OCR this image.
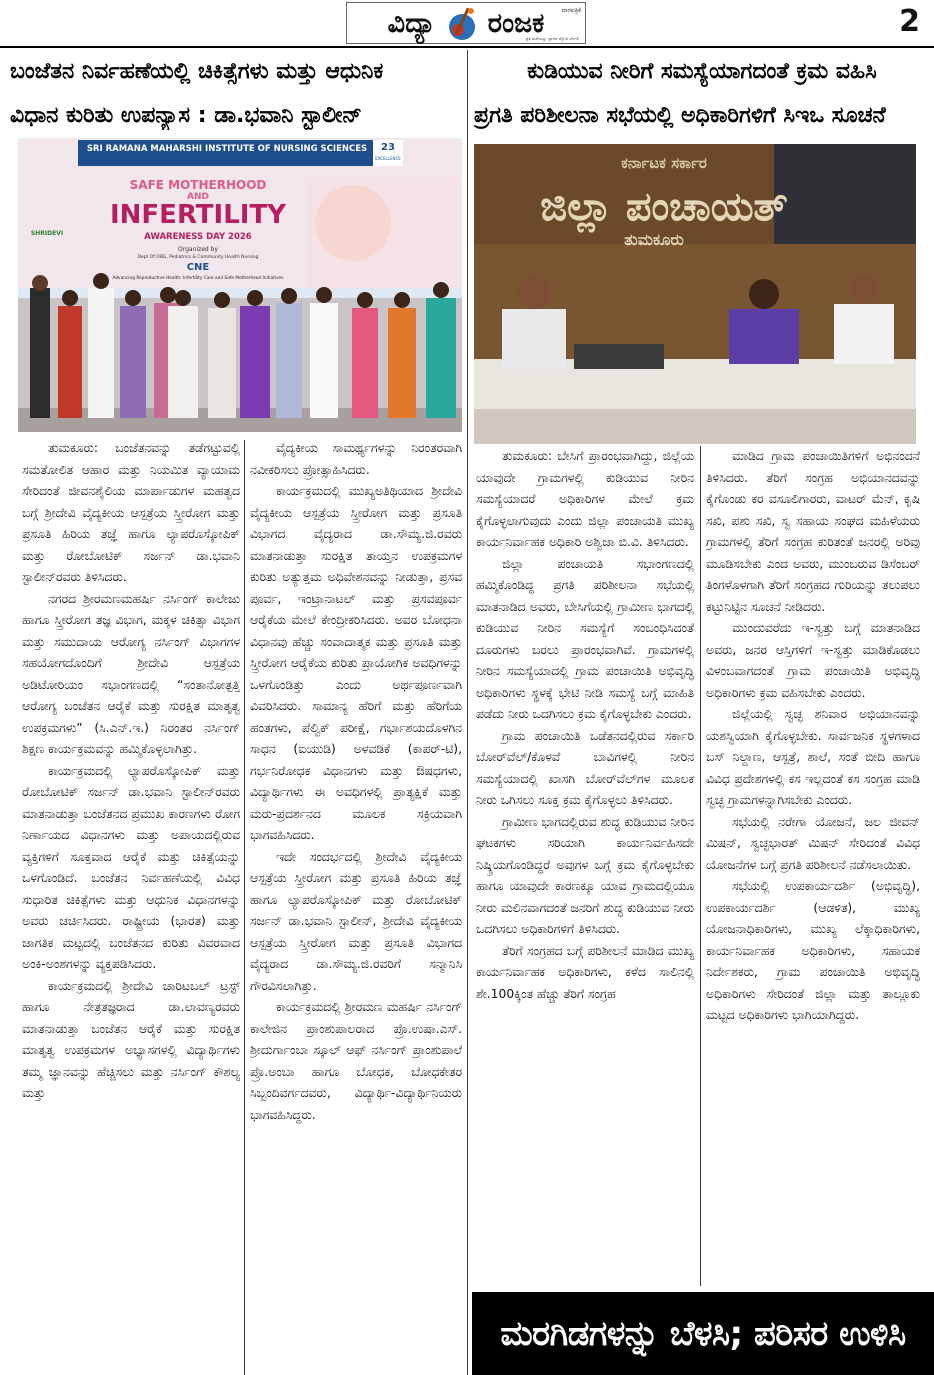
ವಿದ್ಯಾ ರಂಜಕ	ವಾರಪತ್ರಿಕೆ
ಪ್ರತಿ ಮನೆಯಲ್ಲು ಜ್ಞಾನದ ಜ್ಯೋತಿ ಬೆಳಗಲಿ	2
ಬಂಜೆತನ ನಿರ್ವಹಣೆಯಲ್ಲಿ ಚಿಕಿತ್ಸೆಗಳು ಮತ್ತು ಆಧುನಿಕ
ವಿಧಾನ ಕುರಿತು ಉಪನ್ಯಾಸ : ಡಾ.ಭವಾನಿ ಸ್ಟಾಲೀನ್
ಕುಡಿಯುವ ನೀರಿಗೆ ಸಮಸ್ಯೆಯಾಗದಂತೆ ಕ್ರಮ ವಹಿಸಿ
ಪ್ರಗತಿ ಪರಿಶೀಲನಾ ಸಭೆಯಲ್ಲಿ ಅಧಿಕಾರಿಗಳಿಗೆ ಸಿಇಒ ಸೂಚನೆ
SRI RAMANA MAHARSHI INSTITUTE OF NURSING SCIENCES	23
EXCELLENCE
SHRIDEVI
SAFE MOTHERHOOD
AND
INFERTILITY
AWARENESS DAY 2026
Organized by
Dept Of OBG, Pediatrics & Community Health Nursing
CNE
Advancing Reproductive Health: Infertility Care and Safe Motherhood Initiatives
ಕರ್ನಾಟಕ ಸರ್ಕಾರ
ಜಿಲ್ಲಾ ಪಂಚಾಯತ್
ತುಮಕೂರು

ತುಮಕೂರು: ಬಂಜೆತನವನ್ನು ತಡೆಗಟ್ಟುವಲ್ಲಿ ಸಮತೋಲಿತ ಆಹಾರ ಮತ್ತು ನಿಯಮಿತ ವ್ಯಾಯಾಮ ಸೇರಿದಂತೆ ಜೀವನಶೈಲಿಯ ಮಾರ್ಪಾಡುಗಳ ಮಹತ್ವದ ಬಗ್ಗೆ ಶ್ರೀದೇವಿ ವೈದ್ಯಕೀಯ ಆಸ್ಪತ್ರೆಯ ಸ್ತ್ರೀರೋಗ ಮತ್ತು ಪ್ರಸೂತಿ ಹಿರಿಯ ತಜ್ಞೆ ಹಾಗೂ ಲ್ಯಾಪರೊಸ್ಕೋಪಿಕ್ ಮತ್ತು ರೋಬೋಟಿಕ್ ಸರ್ಜನ್ ಡಾ.ಭವಾನಿ ಸ್ಟಾಲೀನ್‌ರವರು ತಿಳಿಸಿದರು.

ನಗರದ ಶ್ರೀರಮಣಮಹರ್ಷಿ ನರ್ಸಿಂಗ್ ಕಾಲೇಜು ಹಾಗೂ ಸ್ತ್ರೀರೋಗ ತಜ್ಞ ವಿಭಾಗ, ಮಕ್ಕಳ ಚಿಕಿತ್ಸಾ ವಿಭಾಗ ಮತ್ತು ಸಮುದಾಯ ಆರೋಗ್ಯ ನರ್ಸಿಂಗ್ ವಿಭಾಗಗಳ ಸಹಯೋಗದೊಂದಿಗೆ ಶ್ರೀದೇವಿ ಆಸ್ಪತ್ರೆಯ ಅಡಿಟೋರಿಯಂ ಸಭಾಂಗಣದಲ್ಲಿ “ಸಂತಾನೋತ್ಪತ್ತಿ ಆರೋಗ್ಯ ಬಂಜೆತನ ಆರೈಕೆ ಮತ್ತು ಸುರಕ್ಷಿತ ಮಾತೃತ್ವ ಉಪಕ್ರಮಗಳು” (ಸಿ.ಎನ್.ಇ.) ನಿರಂತರ ನರ್ಸಿಂಗ್ ಶಿಕ್ಷಣ ಕಾರ್ಯಕ್ರಮವನ್ನು ಹಮ್ಮಿಕೊಳ್ಳಲಾಗಿತ್ತು.

ಕಾರ್ಯಕ್ರಮದಲ್ಲಿ ಲ್ಯಾಪರೊಸ್ಕೋಪಿಕ್ ಮತ್ತು ರೋಬೋಟಿಕ್ ಸರ್ಜನ್ ಡಾ.ಭವಾನಿ ಸ್ಟಾಲೀನ್‌ರವರು ಮಾತನಾಡುತ್ತಾ ಬಂಜೆತನದ ಪ್ರಮುಖ ಕಾರಣಗಳು ರೋಗ ನಿರ್ಣಾಯದ ವಿಧಾನಗಳು ಮತ್ತು ಅಪಾಯದಲ್ಲಿರುವ ವ್ಯಕ್ತಿಗಳಿಗೆ ಸೂಕ್ತವಾದ ಆರೈಕೆ ಮತ್ತು ಚಿಕಿತ್ಸೆಯನ್ನು ಒಳಗೊಂಡಿದೆ. ಬಂಜೆತನ ನಿರ್ವಹಣೆಯಲ್ಲಿ ವಿವಿಧ ಸುಧಾರಿತ ಚಿಕಿತ್ಸೆಗಳು ಮತ್ತು ಆಧುನಿಕ ವಿಧಾನಗಳನ್ನು ಅವರು ಚರ್ಚಿಸಿದರು. ರಾಷ್ಟ್ರೀಯ (ಭಾರತ) ಮತ್ತು ಜಾಗತಿಕ ಮಟ್ಟದಲ್ಲಿ ಬಂಜೆತನದ ಕುರಿತು ವಿವರವಾದ ಅಂಕಿ-ಅಂಶಗಳನ್ನು ವ್ಯಕ್ತಪಡಿಸಿದರು.

ಕಾರ್ಯಕ್ರಮದಲ್ಲಿ ಶ್ರೀದೇವಿ ಚಾರಿಟಬಲ್ ಟ್ರಸ್ಟ್ ಹಾಗೂ ನೇತ್ರತಜ್ಞರಾದ ಡಾ.ಲಾವಣ್ಯರವರು ಮಾತನಾಡುತ್ತಾ ಬಂಜೆತನ ಆರೈಕೆ ಮತ್ತು ಸುರಕ್ಷಿತ ಮಾತೃತ್ವ ಉಪಕ್ರಮಗಳ ಅಭ್ಯಾಸಗಳಲ್ಲಿ ವಿದ್ಯಾರ್ಥಿಗಳು ತಮ್ಮ ಜ್ಞಾನವನ್ನು ಹೆಚ್ಚಿಸಲು ಮತ್ತು ನರ್ಸಿಂಗ್ ಕೌಶಲ್ಯ ಮತ್ತು

ವೈದ್ಯಕೀಯ ಸಾಮರ್ಥ್ಯಗಳನ್ನು ನಿರಂತರವಾಗಿ ನವೀಕರಿಸಲು ಪ್ರೋತ್ಸಾಹಿಸಿದರು.

ಕಾರ್ಯಕ್ರಮದಲ್ಲಿ ಮುಖ್ಯಅತಿಥಿಯಾದ ಶ್ರೀದೇವಿ ವೈದ್ಯಕೀಯ ಆಸ್ಪತ್ರೆಯ ಸ್ತ್ರೀರೋಗ ಮತ್ತು ಪ್ರಸೂತಿ ವಿಭಾಗದ ವೈದ್ಯರಾದ ಡಾ.ಸೌಮ್ಯ.ಜಿ.ರವರು ಮಾತನಾಡುತ್ತಾ ಸುರಕ್ಷಿತ ತಾಯ್ತನ ಉಪಕ್ರಮಗಳ ಕುರಿತು ಅತ್ಯುತ್ತಮ ಅಧಿವೇಶನವನ್ನು ನೀಡುತ್ತಾ, ಪ್ರಸವ ಪೂರ್ವ, ಇಂಟ್ರಾನಾಟಲ್ ಮತ್ತು ಪ್ರಸವಪೂರ್ವ ಆರೈಕೆಯ ಮೇಲೆ ಕೇಂದ್ರೀಕರಿಸಿದರು. ಅವರ ಬೋಧನಾ ವಿಧಾನವು ಹೆಚ್ಚು ಸಂವಾದಾತ್ಮಕ ಮತ್ತು ಪ್ರಸೂತಿ ಮತ್ತು ಸ್ತ್ರೀರೋಗ ಆರೈಕೆಯ ಕುರಿತು ಪ್ರಾಯೋಗಿಕ ಅವಧಿಗಳನ್ನು ಒಳಗೊಂಡಿತ್ತು ಎಂದು ಅರ್ಥಪೂರ್ಣವಾಗಿ ವಿವರಿಸಿದರು. ಸಾಮಾನ್ಯ ಹೆರಿಗೆ ಮತ್ತು ಹೆರಿಗೆಯ ಹಂತಗಳು, ಪೆಲ್ವಿಕ್ ಪರೀಕ್ಷೆ, ಗರ್ಭಾಶಯದೊಳಗಿನ ಸಾಧನ (ಐಯುಡಿ) ಅಳವಡಿಕೆ (ಕಾಪರ್-ಟಿ), ಗರ್ಭನಿರೋಧಕ ವಿಧಾನಗಳು ಮತ್ತು ಔಷಧಗಳು, ವಿದ್ಯಾರ್ಥಿಗಳು ಈ ಅವಧಿಗಳಲ್ಲಿ ಪ್ರಾತ್ಯಕ್ಷಿಕೆ ಮತ್ತು ಮರು-ಪ್ರದರ್ಶನದ ಮೂಲಕ ಸಕ್ರಿಯವಾಗಿ ಭಾಗವಹಿಸಿದರು.

ಇದೇ ಸಂದರ್ಭದಲ್ಲಿ ಶ್ರೀದೇವಿ ವೈದ್ಯಕೀಯ ಆಸ್ಪತ್ರೆಯ ಸ್ತ್ರೀರೋಗ ಮತ್ತು ಪ್ರಸೂತಿ ಹಿರಿಯ ತಜ್ಞೆ ಹಾಗೂ ಲ್ಯಾಪರೊಸ್ಕೋಪಿಕ್ ಮತ್ತು ರೋಬೋಟಿಕ್ ಸರ್ಜನ್ ಡಾ.ಭವಾನಿ ಸ್ಟಾಲೀನ್, ಶ್ರೀದೇವಿ ವೈದ್ಯಕೀಯ ಆಸ್ಪತ್ರೆಯ ಸ್ತ್ರೀರೋಗ ಮತ್ತು ಪ್ರಸೂತಿ ವಿಭಾಗದ ವೈದ್ಯರಾದ ಡಾ.ಸೌಮ್ಯ.ಜಿ.ರವರಿಗೆ ಸನ್ಮಾನಿಸಿ ಗೌರವಿಸಲಾಗಿತ್ತು.

ಕಾರ್ಯಕ್ರಮದಲ್ಲಿ ಶ್ರೀರಮಣ ಮಹರ್ಷಿ ನರ್ಸಿಂಗ್ ಕಾಲೇಜಿನ ಪ್ರಾಂಶುಪಾಲರಾದ ಪ್ರೊ.ಉಷಾ.ಎಸ್. ಶ್ರೀದುರ್ಗಾಂಬಾ ಸ್ಕೂಲ್ ಆಫ್ ನರ್ಸಿಂಗ್ ಪ್ರಾಂಶುಪಾಲೆ ಪ್ರೊ.ಅಂಬಾ ಹಾಗೂ ಬೋಧಕ, ಬೋಧಕೇತರ ಸಿಬ್ಬಂದಿವರ್ಗದವರು, ವಿದ್ಯಾರ್ಥಿ-ವಿದ್ಯಾರ್ಥಿನಿಯರು ಭಾಗವಹಿಸಿದ್ದರು.

ತುಮಕೂರು: ಬೇಸಿಗೆ ಪ್ರಾರಂಭವಾಗಿದ್ದು, ಜಿಲ್ಲೆಯ ಯಾವುದೇ ಗ್ರಾಮಗಳಲ್ಲಿ ಕುಡಿಯುವ ನೀರಿನ ಸಮಸ್ಯೆಯಾದರೆ ಅಧಿಕಾರಿಗಳ ಮೇಲೆ ಕ್ರಮ ಕೈಗೊಳ್ಳಲಾಗುವುದು ಎಂದು ಜಿಲ್ಲಾ ಪಂಚಾಯತಿ ಮುಖ್ಯ ಕಾರ್ಯನಿರ್ವಾಹಕ ಅಧಿಕಾರಿ ಅಶ್ವಿಜಾ ಬಿ.ವಿ. ತಿಳಿಸಿದರು.

ಜಿಲ್ಲಾ ಪಂಚಾಯತಿ ಸಭಾಂಗಣದಲ್ಲಿ ಹಮ್ಮಿಕೊಂಡಿದ್ದ ಪ್ರಗತಿ ಪರಿಶೀಲನಾ ಸಭೆಯಲ್ಲಿ ಮಾತನಾಡಿದ ಅವರು, ಬೇಸಿಗೆಯಲ್ಲಿ ಗ್ರಾಮೀಣ ಭಾಗದಲ್ಲಿ ಕುಡಿಯುವ ನೀರಿನ ಸಮಸ್ಯೆಗೆ ಸಂಬಂಧಿಸಿದಂತೆ ದೂರುಗಳು ಬರಲು ಪ್ರಾರಂಭವಾಗಿವೆ. ಗ್ರಾಮಗಳಲ್ಲಿ ನೀರಿನ ಸಮಸ್ಯೆಯಾದಲ್ಲಿ ಗ್ರಾಮ ಪಂಚಾಯಿತಿ ಅಭಿವೃದ್ಧಿ ಅಧಿಕಾರಿಗಳು ಸ್ಥಳಕ್ಕೆ ಭೇಟಿ ನೀಡಿ ಸಮಸ್ಯೆ ಬಗ್ಗೆ ಮಾಹಿತಿ ಪಡೆದು ನೀರು ಒದಗಿಸಲು ಕ್ರಮ ಕೈಗೊಳ್ಳಬೇಕು ಎಂದರು.

ಗ್ರಾಮ ಪಂಚಾಯಿತಿ ಒಡೆತನದಲ್ಲಿರುವ ಸರ್ಕಾರಿ ಬೋರ್‌ವೆಲ್/ಕೊಳವೆ ಬಾವಿಗಳಲ್ಲಿ ನೀರಿನ ಸಮಸ್ಯೆಯಾದಲ್ಲಿ ಖಾಸಗಿ ಬೋರ್‌ವೆಲ್‌ಗಳ ಮೂಲಕ ನೀರು ಒಗಿಸಲು ಸೂಕ್ತ ಕ್ರಮ ಕೈಗೊಳ್ಳಲು ತಿಳಿಸಿದರು.

ಗ್ರಾಮೀಣ ಭಾಗದಲ್ಲಿರುವ ಶುದ್ಧ ಕುಡಿಯುವ ನೀರಿನ ಘಟಕಗಳು ಸರಿಯಾಗಿ ಕಾರ್ಯನಿರ್ವಹಿಸದೇ ನಿಷ್ಕ್ರಿಯಗೊಂಡಿದ್ದರೆ ಅವುಗಳ ಬಗ್ಗೆ ಕ್ರಮ ಕೈಗೊಳ್ಳಬೇಕು ಹಾಗೂ ಯಾವುದೇ ಕಾರಣಕ್ಕೂ ಯಾವ ಗ್ರಾಮದಲ್ಲಿಯೂ ನೀರು ಮಲಿನವಾಗದಂತೆ ಜನರಿಗೆ ಶುದ್ಧ ಕುಡಿಯುವ ನೀರು ಒದಗಿಸಲು ಅಧಿಕಾರಿಗಳಿಗೆ ತಿಳಿಸಿದರು.

ತೆರಿಗೆ ಸಂಗ್ರಹದ ಬಗ್ಗೆ ಪರಿಶೀಲನೆ ಮಾಡಿದ ಮುಖ್ಯ ಕಾರ್ಯನಿರ್ವಾಹಕ ಅಧಿಕಾರಿಗಳು, ಕಳೆದ ಸಾಲಿನಲ್ಲಿ ಶೇ.100ಕ್ಕಿಂತ ಹೆಚ್ಚು ತೆರಿಗೆ ಸಂಗ್ರಹ

ಮಾಡಿದ ಗ್ರಾಮ ಪಂಚಾಯಿತಿಗಳಿಗೆ ಅಭಿನಂದನೆ ತಿಳಿಸಿದರು. ತೆರಿಗೆ ಸಂಗ್ರಹ ಅಭಿಯಾನದವನ್ನು ಕೈಗೊಂಡು ಕರ ವಸೂಲಿಗಾರರು, ವಾಟರ್ ಮೆನ್, ಕೃಷಿ ಸಖಿ, ಪಶು ಸಖಿ, ಸ್ವ ಸಹಾಯ ಸಂಘದ ಮಹಿಳೆಯರು ಗ್ರಾಮಗಳಲ್ಲಿ ತೆರಿಗೆ ಸಂಗ್ರಹ ಕುರಿತಂತೆ ಜನರಲ್ಲಿ ಅರಿವು ಮೂಡಿಸಬೇಕು ಎಂದ ಅವರು, ಮುಂಬರುವ ಡಿಸೆಂಬರ್ ತಿಂಗಳೊಳಗಾಗಿ ತೆರಿಗೆ ಸಂಗ್ರಹದ ಗುರಿಯನ್ನು ತಲುಪಲು ಕಟ್ಟುನಿಟ್ಟಿನ ಸೂಚನೆ ನೀಡಿದರು.

ಮುಂದುವರೆದು ಇ-ಸ್ವತ್ತು ಬಗ್ಗೆ ಮಾತನಾಡಿದ ಅವರು, ಜನರ ಆಸ್ತಿಗಳಿಗೆ ಇ-ಸ್ವತ್ತು ಮಾಡಿಕೊಡಲು ವಿಳಂಬವಾಗದಂತೆ ಗ್ರಾಮ ಪಂಚಾಯಿತಿ ಅಭಿವೃದ್ಧಿ ಅಧಿಕಾರಿಗಳು ಕ್ರಮ ವಹಿಸಬೇಕು ಎಂದರು.

ಜಿಲ್ಲೆಯಲ್ಲಿ ಸ್ವಚ್ಛ ಶನಿವಾರ ಅಭಿಯಾನವನ್ನು ಯಶಸ್ವಿಯಾಗಿ ಕೈಗೊಳ್ಳಬೇಕು. ಸಾರ್ವಜನಿಕ ಸ್ಥಳಗಳಾದ ಬಸ್ ನಿಲ್ದಾಣ, ಆಸ್ಪತ್ರೆ, ಶಾಲೆ, ಸಂತೆ ಬೀದಿ ಹಾಗೂ ವಿವಿಧ ಪ್ರದೇಶಗಳಲ್ಲಿ ಕಸ ಇಲ್ಲದಂತೆ ಕಸ ಸಂಗ್ರಹ ಮಾಡಿ ಸ್ವಚ್ಛ ಗ್ರಾಮಗಳನ್ನಾಗಿಸಬೇಕು ಎಂದರು.

ಸಭೆಯಲ್ಲಿ ನರೇಗಾ ಯೋಜನೆ, ಜಲ ಜೀವನ್ ಮಿಷನ್, ಸ್ವಚ್ಛಭಾರತ್ ಮಿಷನ್ ಸೇರಿದಂತೆ ವಿವಿಧ ಯೋಜನೆಗಳ ಬಗ್ಗೆ ಪ್ರಗತಿ ಪರಿಶೀಲನೆ ನಡೆಸಲಾಯಿತು.

ಸಭೆಯಲ್ಲಿ ಉಪಕಾರ್ಯದರ್ಶಿ (ಅಭಿವೃದ್ಧಿ), ಉಪಕಾರ್ಯದರ್ಶಿ (ಆಡಳಿತ), ಮುಖ್ಯ ಯೋಜನಾಧಿಕಾರಿಗಳು, ಮುಖ್ಯ ಲೆಕ್ಕಾಧಿಕಾರಿಗಳು, ಕಾರ್ಯನಿರ್ವಾಹಕ ಅಧಿಕಾರಿಗಳು, ಸಹಾಯಕ ನಿರ್ದೇಶಕರು, ಗ್ರಾಮ ಪಂಚಾಯಿತಿ ಅಭಿವೃದ್ಧಿ ಅಧಿಕಾರಿಗಳು ಸೇರಿದಂತೆ ಜಿಲ್ಲಾ ಮತ್ತು ತಾಲ್ಲೂಕು ಮಟ್ಟದ ಅಧಿಕಾರಿಗಳು ಭಾಗಿಯಾಗಿದ್ದರು.

ಮರಗಿಡಗಳನ್ನು ಬೆಳಸಿ; ಪರಿಸರ ಉಳಿಸಿ
